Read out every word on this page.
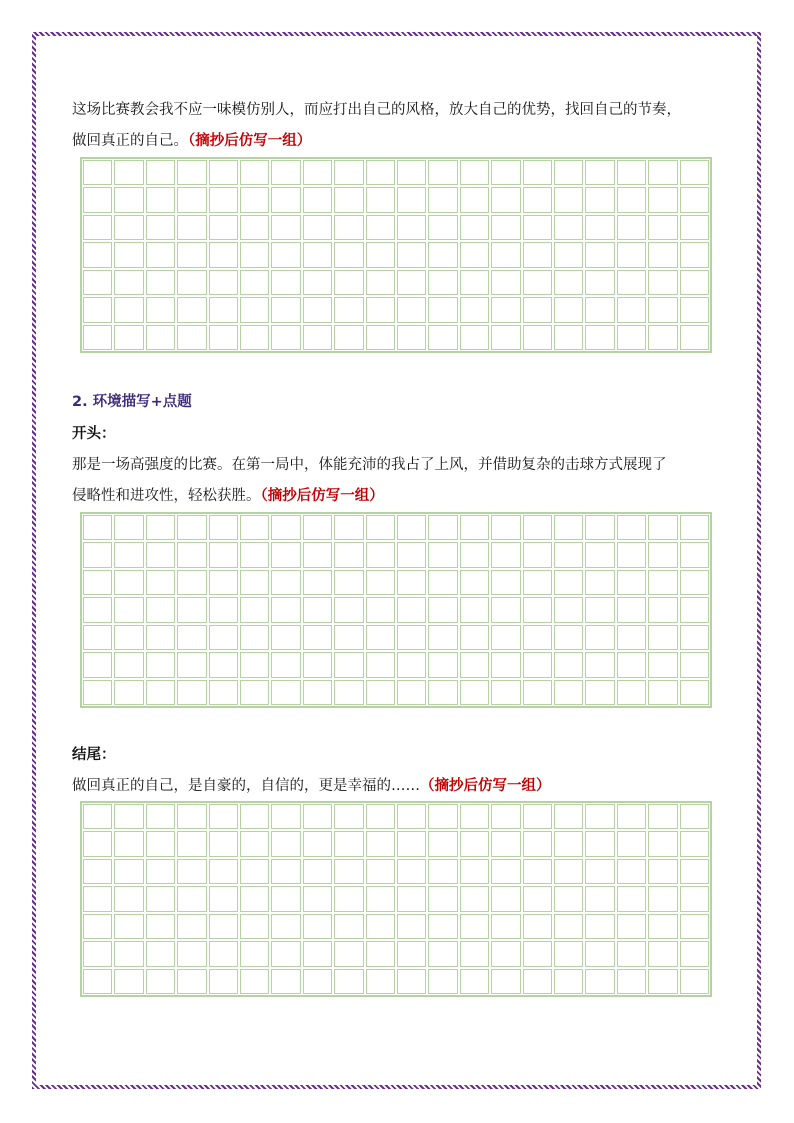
这场比赛教会我不应一味模仿别人，而应打出自己的风格，放大自己的优势，找回自己的节奏，
做回真正的自己。（摘抄后仿写一组）
2. 环境描写+点题
开头：
那是一场高强度的比赛。在第一局中，体能充沛的我占了上风，并借助复杂的击球方式展现了
侵略性和进攻性，轻松获胜。（摘抄后仿写一组）
结尾：
做回真正的自己，是自豪的，自信的，更是幸福的……（摘抄后仿写一组）
